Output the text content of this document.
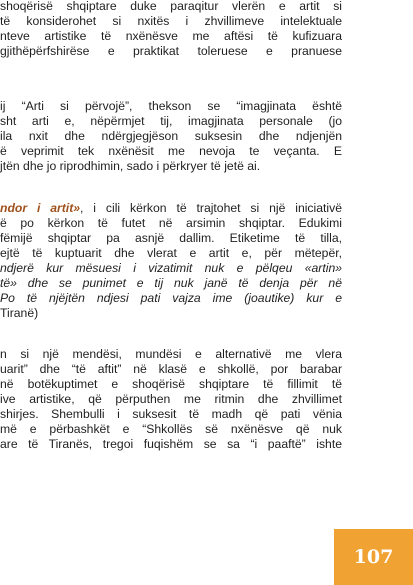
shoqërisë shqiptare duke paraqitur vlerën e artit si
të konsiderohet si nxitës i zhvillimeve intelektuale
nteve artistike të nxënësve me aftësi të kufizuara
gjithëpërfshirëse e praktikat toleruese e pranuese
ij “Arti si përvojë”, thekson se “imagjinata është
sht arti e, nëpërmjet tij, imagjinata personale (jo
ila nxit dhe ndërgjegjëson suksesin dhe ndjenjën
ë veprimit tek nxënësit me nevoja te veçanta. E
jtën dhe jo riprodhimin, sado i përkryer të jetë ai.
ndor i artit», i cili kërkon të trajtohet si një iniciativë
ë po kërkon të futet në arsimin shqiptar. Edukimi
fëmijë shqiptar pa asnjë dallim. Etiketime të tilla,
ejtë të kuptuarit dhe vlerat e artit e, për mëtepër,
ndjerë kur mësuesi i vizatimit nuk e pëlqeu «artin»
të» dhe se punimet e tij nuk janë të denja për në
Po të njëjtën ndjesi pati vajza ime (joautike) kur e
Tiranë)
n si një mendësi, mundësi e alternativë me vlera
uarit” dhe “të aftit” në klasë e shkollë, por barabar
në botëkuptimet e shoqërisë shqiptare të fillimit të
ive artistike, që përputhen me ritmin dhe zhvillimet
shirjes. Shembulli i suksesit të madh që pati vënia
më e përbashkët e “Shkollës së nxënësve që nuk
are të Tiranës, tregoi fuqishëm se sa “i paaftë” ishte
107
